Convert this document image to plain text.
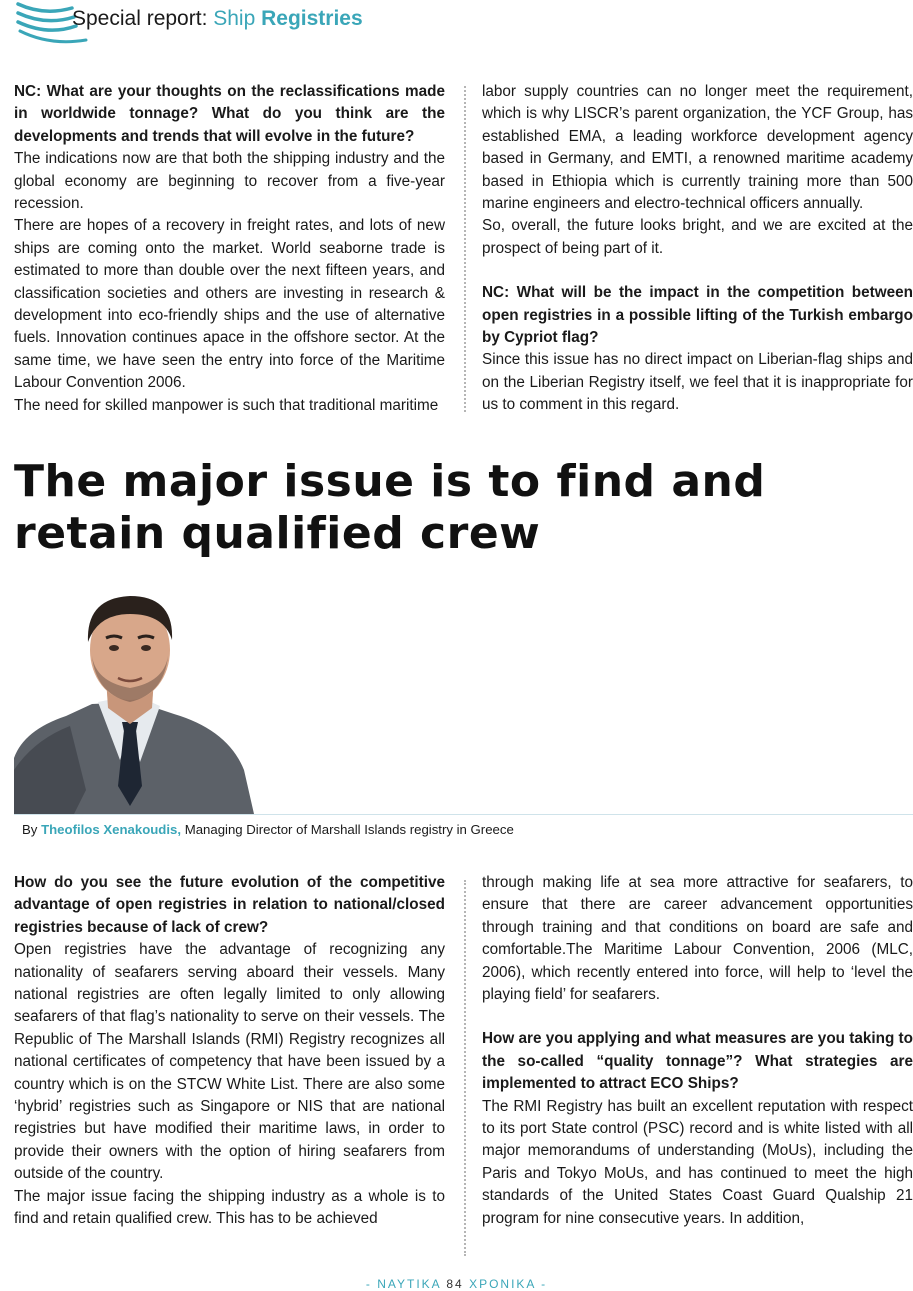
Special report: Ship Registries

NC: What are your thoughts on the reclassifications made in worldwide tonnage? What do you think are the developments and trends that will evolve in the future?

The indications now are that both the shipping industry and the global economy are beginning to recover from a five-year recession.

There are hopes of a recovery in freight rates, and lots of new ships are coming onto the market. World seaborne trade is estimated to more than double over the next fifteen years, and classification societies and others are investing in research & development into eco-friendly ships and the use of alternative fuels. Innovation continues apace in the offshore sector. At the same time, we have seen the entry into force of the Maritime Labour Convention 2006.

The need for skilled manpower is such that traditional maritime

labor supply countries can no longer meet the requirement, which is why LISCR’s parent organization, the YCF Group, has established EMA, a leading workforce development agency based in Germany, and EMTI, a renowned maritime academy based in Ethiopia which is currently training more than 500 marine engineers and electro-technical officers annually.

So, overall, the future looks bright, and we are excited at the prospect of being part of it.

NC: What will be the impact in the competition between open registries in a possible lifting of the Turkish embargo by Cypriot flag?

Since this issue has no direct impact on Liberian-flag ships and on the Liberian Registry itself, we feel that it is inappropriate for us to comment in this regard.

The major issue is to find and retain qualified crew
By Theofilos Xenakoudis, Managing Director of Marshall Islands registry in Greece

How do you see the future evolution of the competitive advantage of open registries in relation to national/closed registries because of lack of crew?

Open registries have the advantage of recognizing any nationality of seafarers serving aboard their vessels. Many national registries are often legally limited to only allowing seafarers of that flag’s nationality to serve on their vessels. The Republic of The Marshall Islands (RMI) Registry recognizes all national certificates of competency that have been issued by a country which is on the STCW White List. There are also some ‘hybrid’ registries such as Singapore or NIS that are national registries but have modified their maritime laws, in order to provide their owners with the option of hiring seafarers from outside of the country.

The major issue facing the shipping industry as a whole is to find and retain qualified crew. This has to be achieved

through making life at sea more attractive for seafarers, to ensure that there are career advancement opportunities through training and that conditions on board are safe and comfortable.The Maritime Labour Convention, 2006 (MLC, 2006), which recently entered into force, will help to ‘level the playing field’ for seafarers.

How are you applying and what measures are you taking to the so-called “quality tonnage”? What strategies are implemented to attract ECO Ships?

The RMI Registry has built an excellent reputation with respect to its port State control (PSC) record and is white listed with all major memorandums of understanding (MoUs), including the Paris and Tokyo MoUs, and has continued to meet the high standards of the United States Coast Guard Qualship 21 program for nine consecutive years. In addition,

- ΝΑΥΤΙΚΑ 84 ΧΡΟΝΙΚΑ -
